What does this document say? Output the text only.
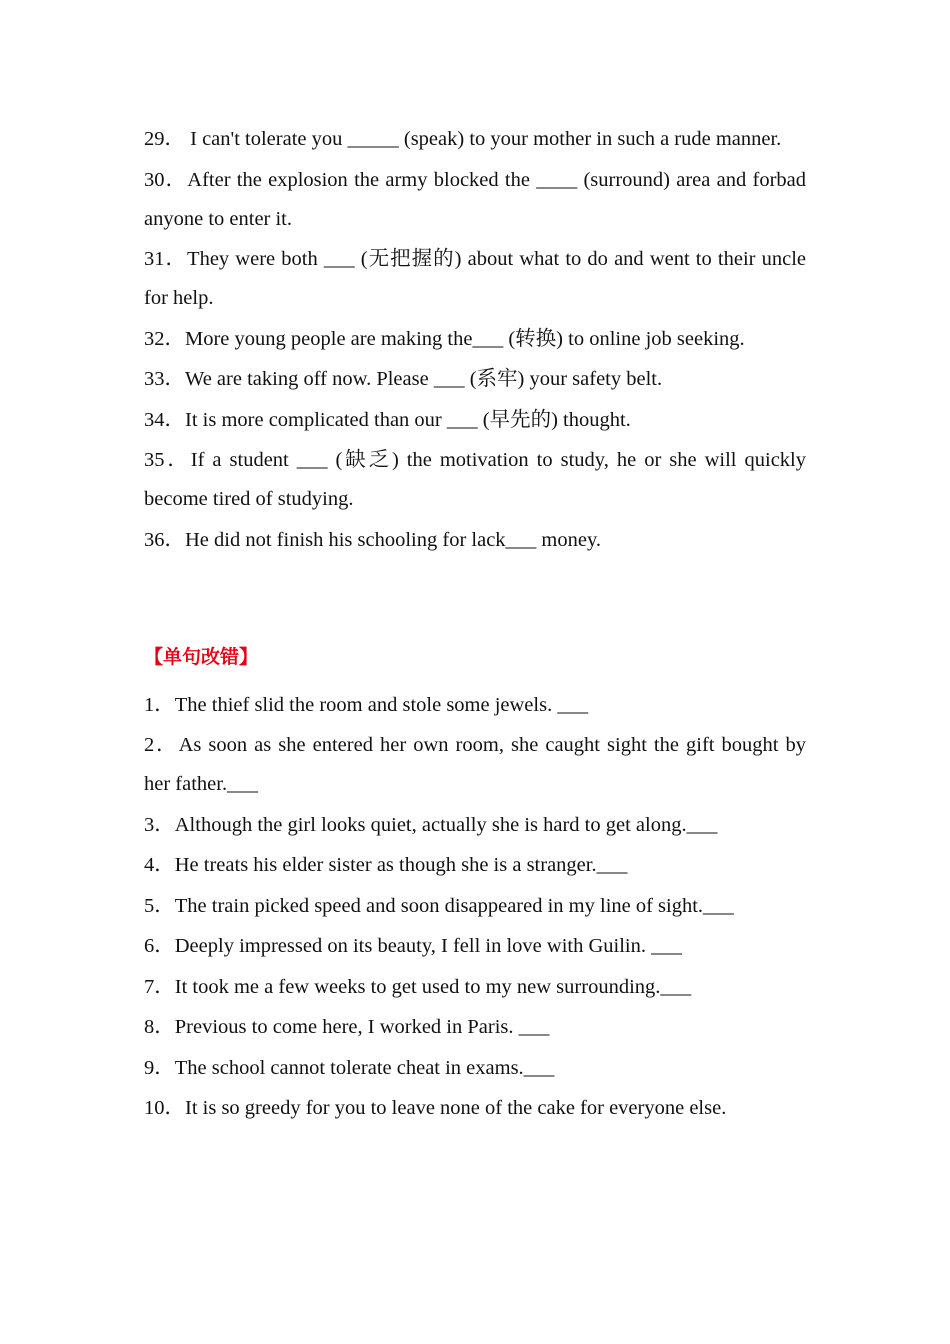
29． I can't tolerate you _____ (speak) to your mother in such a rude manner.
30．After the explosion the army blocked the ____ (surround) area and forbad anyone to enter it.
31．They were both ___ (无把握的) about what to do and went to their uncle for help.
32．More young people are making the___ (转换) to online job seeking.
33．We are taking off now. Please ___ (系牢) your safety belt.
34．It is more complicated than our ___ (早先的) thought.
35．If a student ___ (缺乏) the motivation to study, he or she will quickly become tired of studying.
36．He did not finish his schooling for lack___ money.
【单句改错】
1．The thief slid the room and stole some jewels. ___
2．As soon as she entered her own room, she caught sight the gift bought by her father.___
3．Although the girl looks quiet, actually she is hard to get along.___
4．He treats his elder sister as though she is a stranger.___
5．The train picked speed and soon disappeared in my line of sight.___
6．Deeply impressed on its beauty, I fell in love with Guilin. ___
7．It took me a few weeks to get used to my new surrounding.___
8．Previous to come here, I worked in Paris. ___
9．The school cannot tolerate cheat in exams.___
10．It is so greedy for you to leave none of the cake for everyone else.
